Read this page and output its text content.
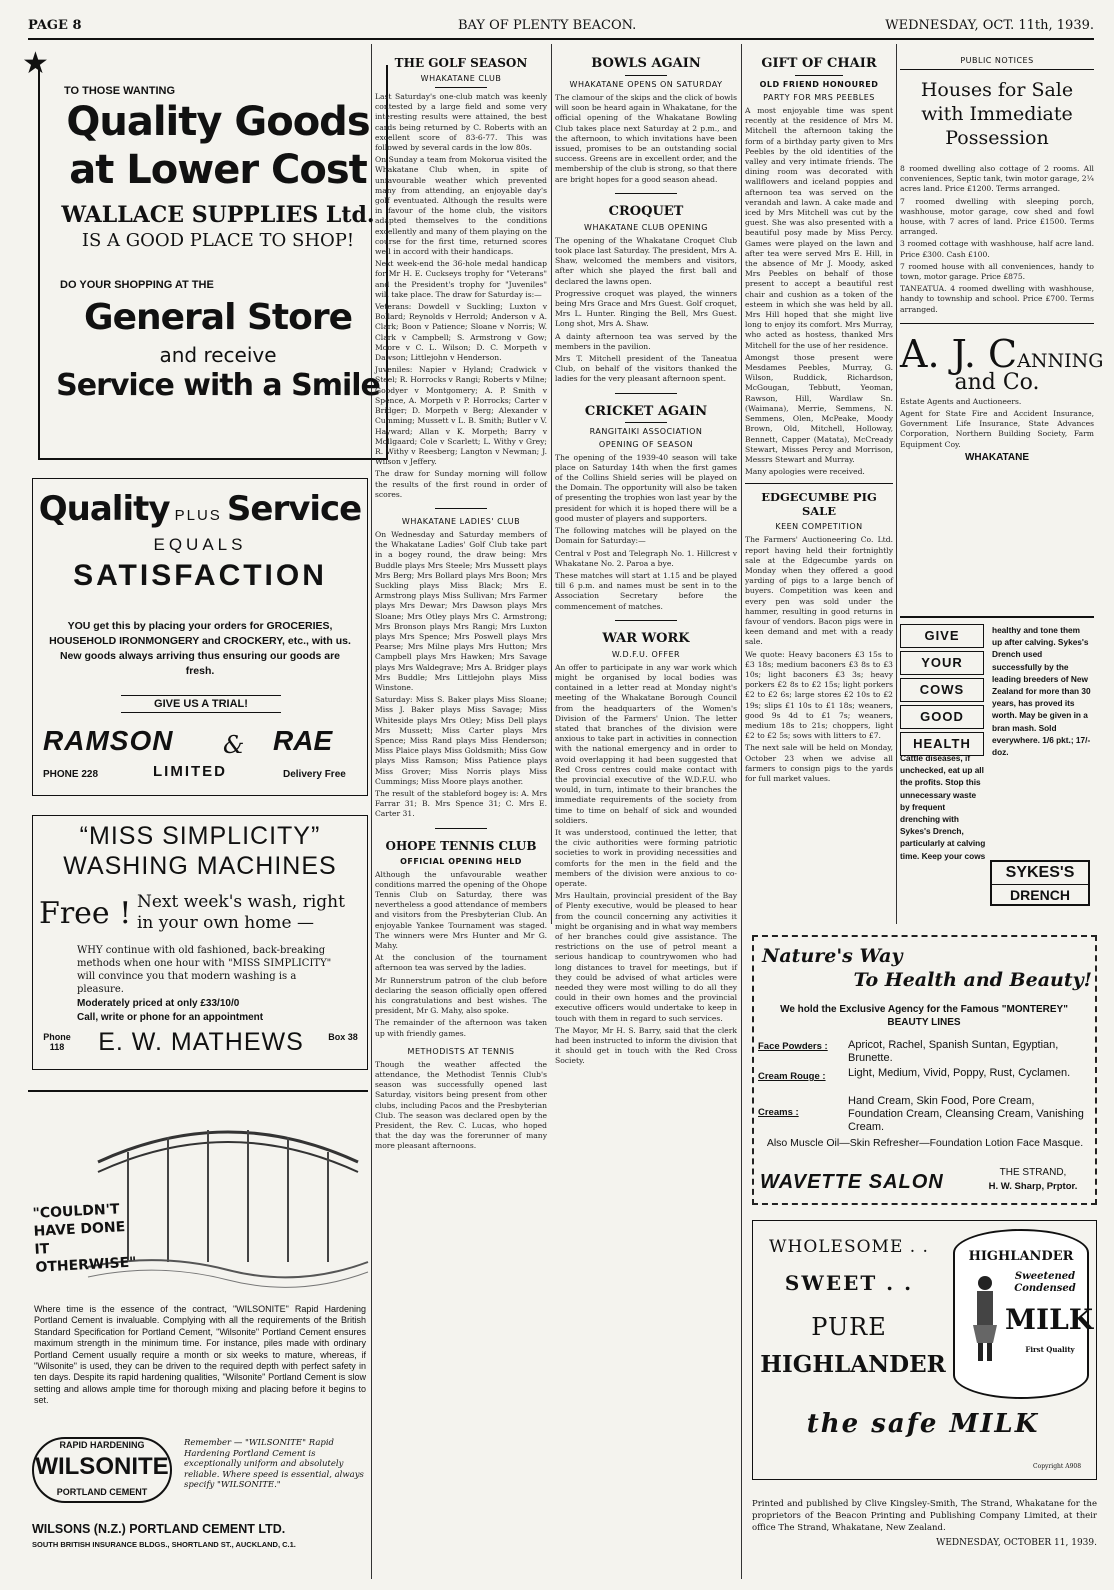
PAGE 8	BAY OF PLENTY BEACON.	WEDNESDAY, OCT. 11th, 1939.
★
TO THOSE WANTING
Quality Goods
at Lower Cost
WALLACE SUPPLIES Ltd.
IS A GOOD PLACE TO SHOP!
DO YOUR SHOPPING AT THE
General Store
and receive
Service with a Smile
Quality PLUS Service
EQUALS
SATISFACTION
YOU get this by placing your orders for GROCERIES, HOUSEHOLD IRONMONGERY and CROCKERY, etc., with us. New goods always arriving thus ensuring our goods are fresh.
GIVE US A TRIAL!
RAMSON & RAE
PHONE 228	LIMITED	Delivery Free
“MISS SIMPLICITY”
WASHING MACHINES
Free ! Next week's wash, right in your own home —
WHY continue with old fashioned, back-breaking methods when one hour with "MISS SIMPLICITY" will convince you that modern washing is a pleasure.
Moderately priced at only £33/10/0
Call, write or phone for an appointment
Phone 118	E. W. MATHEWS	Box 38
"COULDN'T HAVE DONE IT OTHERWISE"
Where time is the essence of the contract, "WILSONITE" Rapid Hardening Portland Cement is invaluable. Complying with all the requirements of the British Standard Specification for Portland Cement, "Wilsonite" Portland Cement ensures maximum strength in the minimum time. For instance, piles made with ordinary Portland Cement usually require a month or six weeks to mature, whereas, if "Wilsonite" is used, they can be driven to the required depth with perfect safety in ten days. Despite its rapid hardening qualities, "Wilsonite" Portland Cement is slow setting and allows ample time for thorough mixing and placing before it begins to set.
RAPID HARDENING
WILSONITE
PORTLAND CEMENT
Remember — "WILSONITE" Rapid Hardening Portland Cement is exceptionally uniform and absolutely reliable. Where speed is essential, always specify "WILSONITE."
WILSONS (N.Z.) PORTLAND CEMENT LTD.
SOUTH BRITISH INSURANCE BLDGS., SHORTLAND ST., AUCKLAND, C.1.
THE GOLF SEASON
WHAKATANE CLUB

Last Saturday's one-club match was keenly contested by a large field and some very interesting results were attained, the best cards being returned by C. Roberts with an excellent score of 83-6-77. This was followed by several cards in the low 80s.

On Sunday a team from Mokorua visited the Whakatane Club when, in spite of unfavourable weather which prevented many from attending, an enjoyable day's golf eventuated. Although the results were in favour of the home club, the visitors adapted themselves to the conditions excellently and many of them playing on the course for the first time, returned scores well in accord with their handicaps.

Next week-end the 36-hole medal handicap for Mr H. E. Cuckseys trophy for "Veterans" and the President's trophy for "Juveniles" will take place. The draw for Saturday is:—

Veterans: Dowdell v Suckling; Luxton v Bollard; Reynolds v Herrold; Anderson v A. Clark; Boon v Patience; Sloane v Norris; W. Clark v Campbell; S. Armstrong v Gow; Moore v C. L. Wilson; D. C. Morpeth v Dawson; Littlejohn v Henderson.

Juveniles: Napier v Hyland; Cradwick v Steel; R. Horrocks v Rangi; Roberts v Milne; Goodyer v Montgomery; A. P. Smith v Spence, A. Morpeth v P. Horrocks; Carter v Bridger; D. Morpeth v Berg; Alexander v Cumming; Mussett v L. B. Smith; Butler v V. Hayward; Allan v K. Morpeth; Barry v Mollgaard; Cole v Scarlett; L. Withy v Grey; R. Withy v Reesberg; Langton v Newman; J. Wilson v Jeffery.

The draw for Sunday morning will follow the results of the first round in order of scores.

WHAKATANE LADIES' CLUB

On Wednesday and Saturday members of the Whakatane Ladies' Golf Club take part in a bogey round, the draw being: Mrs Buddle plays Mrs Steele; Mrs Mussett plays Mrs Berg; Mrs Bollard plays Mrs Boon; Mrs Suckling plays Miss Black; Mrs E. Armstrong plays Miss Sullivan; Mrs Farmer plays Mrs Dewar; Mrs Dawson plays Mrs Sloane; Mrs Otley plays Mrs C. Armstrong; Mrs Bronson plays Mrs Rangi; Mrs Luxton plays Mrs Spence; Mrs Poswell plays Mrs Pearse; Mrs Milne plays Mrs Hutton; Mrs Campbell plays Mrs Hawken; Mrs Savage plays Mrs Waldegrave; Mrs A. Bridger plays Mrs Buddle; Mrs Littlejohn plays Miss Winstone.

Saturday: Miss S. Baker plays Miss Sloane; Miss J. Baker plays Miss Savage; Miss Whiteside plays Mrs Otley; Miss Dell plays Mrs Mussett; Miss Carter plays Mrs Spence; Miss Rand plays Miss Henderson; Miss Plaice plays Miss Goldsmith; Miss Gow plays Miss Ramson; Miss Patience plays Miss Grover; Miss Norris plays Miss Cummings; Miss Moore plays another.

The result of the stableford bogey is: A. Mrs Farrar 31; B. Mrs Spence 31; C. Mrs E. Carter 31.

OHOPE TENNIS CLUB
OFFICIAL OPENING HELD

Although the unfavourable weather conditions marred the opening of the Ohope Tennis Club on Saturday, there was nevertheless a good attendance of members and visitors from the Presbyterian Club. An enjoyable Yankee Tournament was staged. The winners were Mrs Hunter and Mr G. Mahy.

At the conclusion of the tournament afternoon tea was served by the ladies.

Mr Runnerstrum patron of the club before declaring the season officially open offered his congratulations and best wishes. The president, Mr G. Mahy, also spoke.

The remainder of the afternoon was taken up with friendly games.

METHODISTS AT TENNIS

Though the weather affected the attendance, the Methodist Tennis Club's season was successfully opened last Saturday, visitors being present from other clubs, including Pacos and the Presbyterian Club. The season was declared open by the President, the Rev. C. Lucas, who hoped that the day was the forerunner of many more pleasant afternoons.

BOWLS AGAIN
WHAKATANE OPENS ON SATURDAY

The clamour of the skips and the click of bowls will soon be heard again in Whakatane, for the official opening of the Whakatane Bowling Club takes place next Saturday at 2 p.m., and the afternoon, to which invitations have been issued, promises to be an outstanding social success. Greens are in excellent order, and the membership of the club is strong, so that there are bright hopes for a good season ahead.

CROQUET
WHAKATANE CLUB OPENING

The opening of the Whakatane Croquet Club took place last Saturday. The president, Mrs A. Shaw, welcomed the members and visitors, after which she played the first ball and declared the lawns open.

Progressive croquet was played, the winners being Mrs Grace and Mrs Guest. Golf croquet, Mrs L. Hunter. Ringing the Bell, Mrs Guest. Long shot, Mrs A. Shaw.

A dainty afternoon tea was served by the members in the pavilion.

Mrs T. Mitchell president of the Taneatua Club, on behalf of the visitors thanked the ladies for the very pleasant afternoon spent.

CRICKET AGAIN
RANGITAIKI ASSOCIATION
OPENING OF SEASON

The opening of the 1939-40 season will take place on Saturday 14th when the first games of the Collins Shield series will be played on the Domain. The opportunity will also be taken of presenting the trophies won last year by the president for which it is hoped there will be a good muster of players and supporters.

The following matches will be played on the Domain for Saturday:—

Central v Post and Telegraph No. 1. Hillcrest v Whakatane No. 2. Paroa a bye.

These matches will start at 1.15 and be played till 6 p.m. and names must be sent in to the Association Secretary before the commencement of matches.

WAR WORK
W.D.F.U. OFFER

An offer to participate in any war work which might be organised by local bodies was contained in a letter read at Monday night's meeting of the Whakatane Borough Council from the headquarters of the Women's Division of the Farmers' Union. The letter stated that branches of the division were anxious to take part in activities in connection with the national emergency and in order to avoid overlapping it had been suggested that Red Cross centres could make contact with the provincial executive of the W.D.F.U. who would, in turn, intimate to their branches the immediate requirements of the society from time to time on behalf of sick and wounded soldiers.

It was understood, continued the letter, that the civic authorities were forming patriotic societies to work in providing necessities and comforts for the men in the field and the members of the division were anxious to co-operate.

Mrs Haultain, provincial president of the Bay of Plenty executive, would be pleased to hear from the council concerning any activities it might be organising and in what way members of her branches could give assistance. The restrictions on the use of petrol meant a serious handicap to countrywomen who had long distances to travel for meetings, but if they could be advised of what articles were needed they were most willing to do all they could in their own homes and the provincial executive officers would undertake to keep in touch with them in regard to such services.

The Mayor, Mr H. S. Barry, said that the clerk had been instructed to inform the division that it should get in touch with the Red Cross Society.

GIFT OF CHAIR
OLD FRIEND HONOURED
PARTY FOR MRS PEEBLES

A most enjoyable time was spent recently at the residence of Mrs M. Mitchell the afternoon taking the form of a birthday party given to Mrs Peebles by the old identities of the valley and very intimate friends. The dining room was decorated with wallflowers and iceland poppies and afternoon tea was served on the verandah and lawn. A cake made and iced by Mrs Mitchell was cut by the guest. She was also presented with a beautiful posy made by Miss Percy. Games were played on the lawn and after tea were served Mrs E. Hill, in the absence of Mr J. Moody, asked Mrs Peebles on behalf of those present to accept a beautiful rest chair and cushion as a token of the esteem in which she was held by all. Mrs Hill hoped that she might live long to enjoy its comfort. Mrs Murray, who acted as hostess, thanked Mrs Mitchell for the use of her residence.

Amongst those present were Mesdames Peebles, Murray, G. Wilson, Ruddick, Richardson, McGougan, Tebbutt, Yeoman, Rawson, Hill, Wardlaw Sn. (Waimana), Merrie, Semmens, N. Semmens, Olen, McPeake, Moody Brown, Old, Mitchell, Holloway, Bennett, Capper (Matata), McCready Stewart, Misses Percy and Morrison, Messrs Stewart and Murray.

Many apologies were received.

EDGECUMBE PIG SALE
KEEN COMPETITION

The Farmers' Auctioneering Co. Ltd. report having held their fortnightly sale at the Edgecumbe yards on Monday when they offered a good yarding of pigs to a large bench of buyers. Competition was keen and every pen was sold under the hammer, resulting in good returns in favour of vendors. Bacon pigs were in keen demand and met with a ready sale.

We quote: Heavy baconers £3 15s to £3 18s; medium baconers £3 8s to £3 10s; light baconers £3 3s; heavy porkers £2 8s to £2 15s; light porkers £2 to £2 6s; large stores £2 10s to £2 19s; slips £1 10s to £1 18s; weaners, good 9s 4d to £1 7s; weaners, medium 18s to 21s; choppers, light £2 to £2 5s; sows with litters to £7.

The next sale will be held on Monday, October 23 when we advise all farmers to consign pigs to the yards for full market values.

PUBLIC NOTICES
Houses for Sale with Immediate Possession

8 roomed dwelling also cottage of 2 rooms. All conveniences, Septic tank, twin motor garage, 2¼ acres land. Price £1200. Terms arranged.

7 roomed dwelling with sleeping porch, washhouse, motor garage, cow shed and fowl house, with 7 acres of land. Price £1500. Terms arranged.

3 roomed cottage with washhouse, half acre land. Price £300. Cash £100.

7 roomed house with all conveniences, handy to town, motor garage. Price £875.

TANEATUA. 4 roomed dwelling with washhouse, handy to township and school. Price £700. Terms arranged.

A. J. CANNING
and Co.

Estate Agents and Auctioneers.

Agent for State Fire and Accident Insurance, Government Life Insurance, State Advances Corporation, Northern Building Society, Farm Equipment Coy.

WHAKATANE
GIVE
YOUR
COWS
GOOD
HEALTH
Cattle diseases, if unchecked, eat up all the profits. Stop this unnecessary waste by frequent drenching with Sykes's Drench, particularly at calving time. Keep your cows
healthy and tone them up after calving. Sykes's Drench used successfully by the leading breeders of New Zealand for more than 30 years, has proved its worth. May be given in a bran mash. Sold everywhere. 1/6 pkt.; 17/- doz.
SYKES'S
DRENCH
Nature's Way
To Health and Beauty!
We hold the Exclusive Agency for the Famous "MONTEREY" BEAUTY LINES
Face Powders : Apricot, Rachel, Spanish Suntan, Egyptian, Brunette.
Cream Rouge : Light, Medium, Vivid, Poppy, Rust, Cyclamen.
Creams :
Hand Cream, Skin Food, Pore Cream, Foundation Cream, Cleansing Cream, Vanishing Cream.
Also Muscle Oil—Skin Refresher—Foundation Lotion Face Masque.
WAVETTE SALON	THE STRAND,
H. W. Sharp, Prptor.
WHOLESOME . .
SWEET . .
PURE
HIGHLANDER
the safe MILK
HIGHLANDER
Sweetened Condensed
MILK
First Quality
Copyright A908
Printed and published by Clive Kingsley-Smith, The Strand, Whakatane for the proprietors of the Beacon Printing and Publishing Company Limited, at their office The Strand, Whakatane, New Zealand.
WEDNESDAY, OCTOBER 11, 1939.
